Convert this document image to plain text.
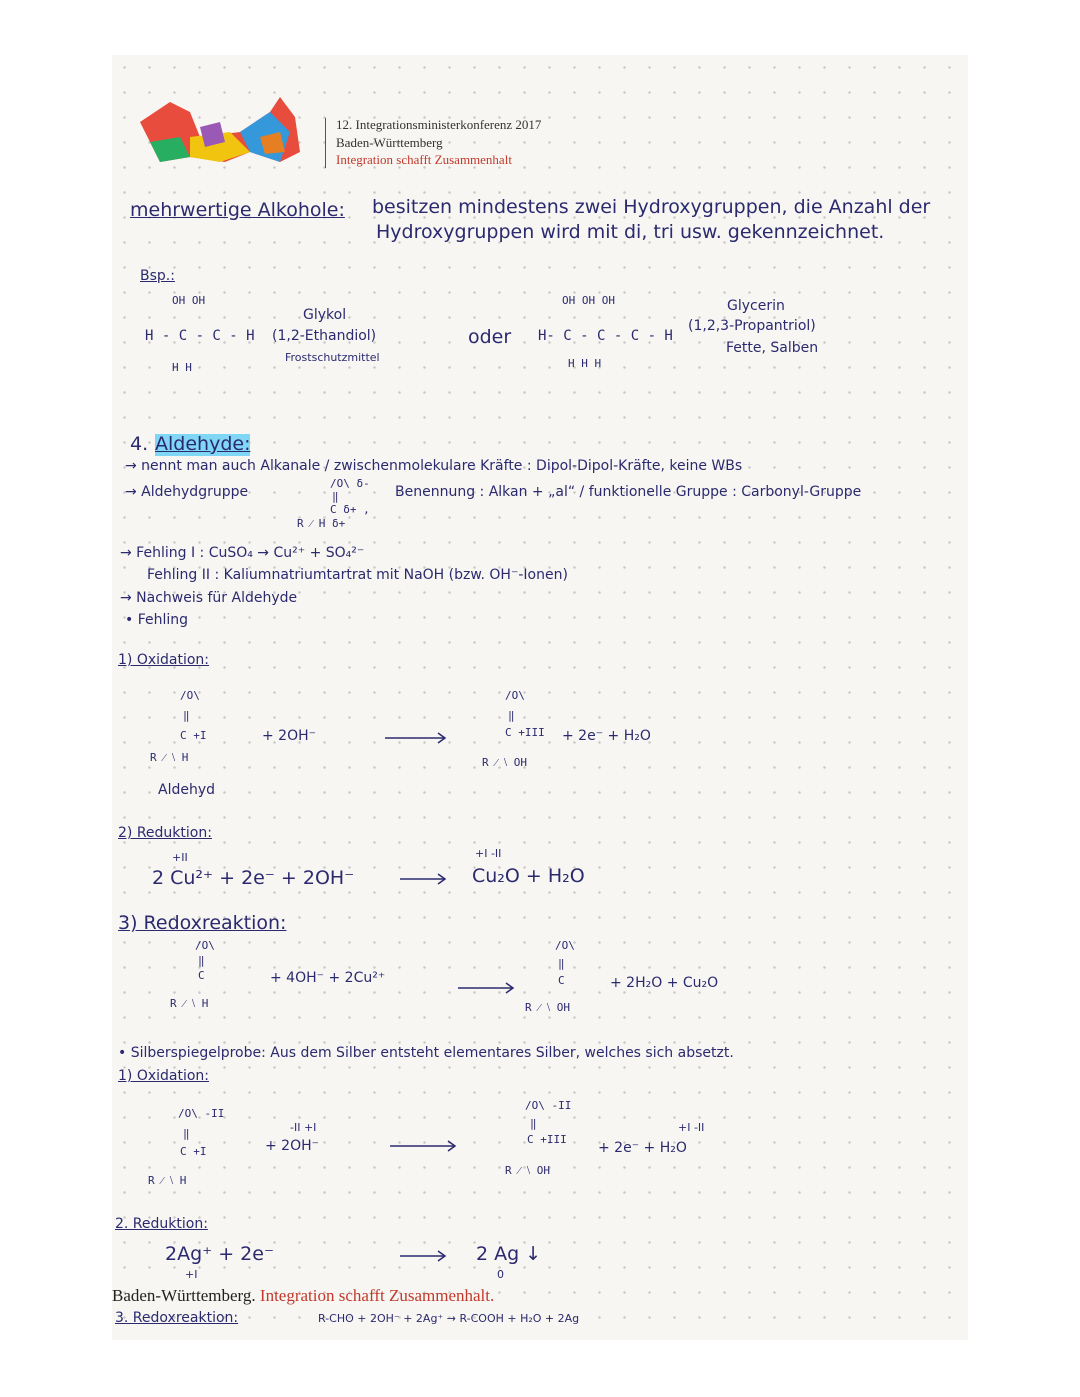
12. Integrationsministerkonferenz 2017
Baden-Württemberg
Integration schafft Zusammenhalt
mehrwertige Alkohole: besitzen mindestens zwei Hydroxygruppen, die Anzahl der
Hydroxygruppen wird mit di, tri usw. gekennzeichnet.
Bsp.:
OH OH
H - C - C - H
H H
Glykol
(1,2-Ethandiol)
Frostschutzmittel
oder
OH OH OH
H- C - C - C - H
H H H
Glycerin
(1,2,3-Propantriol)
Fette, Salben
4. Aldehyde:
→ nennt man auch Alkanale / zwischenmolekulare Kräfte : Dipol-Dipol-Kräfte, keine WBs
→ Aldehydgruppe
/O\ δ-
‖
C δ+ ,
R ⁄ H δ+
Benennung : Alkan + „al“ / funktionelle Gruppe : Carbonyl-Gruppe
→ Fehling I : CuSO₄ → Cu²⁺ + SO₄²⁻
Fehling II : Kaliumnatriumtartrat mit NaOH (bzw. OH⁻-Ionen)
→ Nachweis für Aldehyde
• Fehling
1) Oxidation:
/O\
‖
C +I
R ⁄ ⧵ H
Aldehyd
+ 2OH⁻
/O\
‖
C +III
R ⁄ ⧵ OH
+ 2e⁻ + H₂O
2) Reduktion:
+II
2 Cu²⁺ + 2e⁻ + 2OH⁻
+I -II
Cu₂O + H₂O
3) Redoxreaktion:
/O\
‖
C
R ⁄ ⧵ H
+ 4OH⁻ + 2Cu²⁺
/O\
‖
C
R ⁄ ⧵ OH
+ 2H₂O + Cu₂O
• Silberspiegelprobe: Aus dem Silber entsteht elementares Silber, welches sich absetzt.
1) Oxidation:
/O\ -II
‖
C +I
R ⁄ ⧵ H
-II +I
+ 2OH⁻
/O\ -II
‖
C +III
R ⁄ ⧵ OH
+I -II
+ 2e⁻ + H₂O
2. Reduktion:
2Ag⁺ + 2e⁻
+I
2 Ag ↓
0
Baden-Württemberg. Integration schafft Zusammenhalt.
3. Redoxreaktion:	R-CHO + 2OH⁻ + 2Ag⁺ → R-COOH + H₂O + 2Ag
